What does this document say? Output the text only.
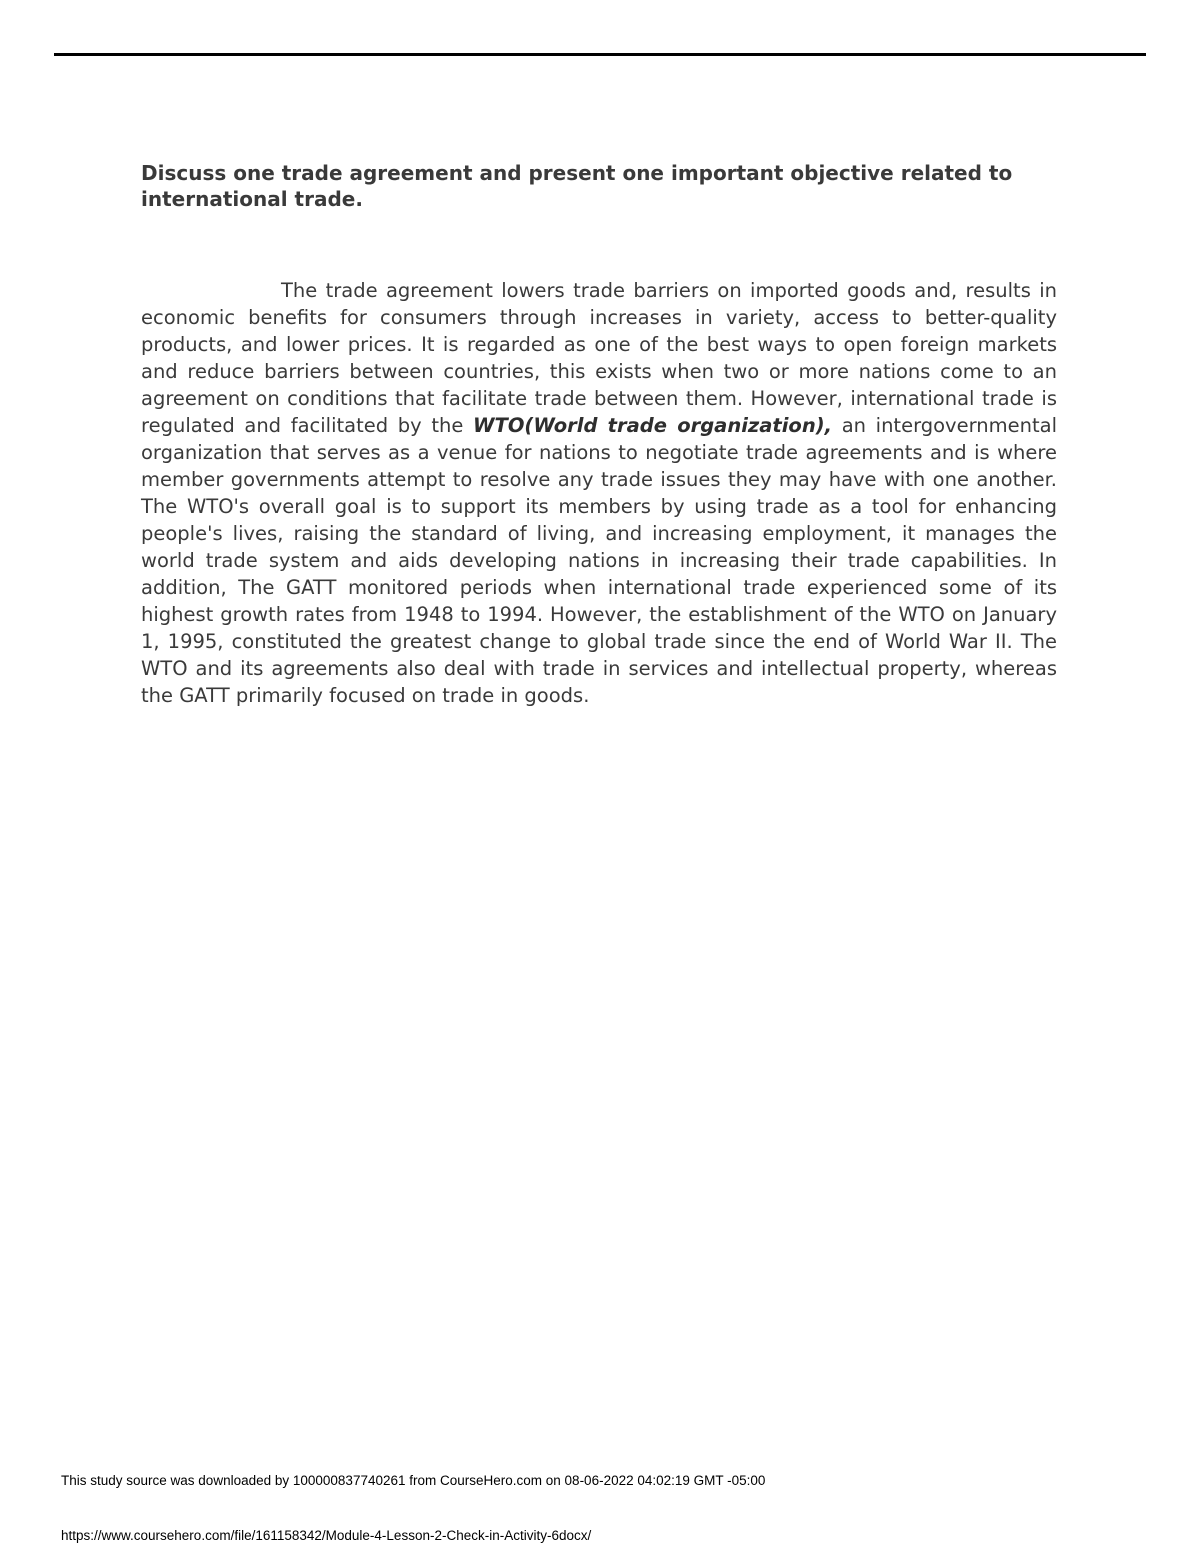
Discuss one trade agreement and present one important objective related to international trade.

The trade agreement lowers trade barriers on imported goods and, results in economic benefits for consumers through increases in variety, access to better-quality products, and lower prices. It is regarded as one of the best ways to open foreign markets and reduce barriers between countries, this exists when two or more nations come to an agreement on conditions that facilitate trade between them. However, international trade is regulated and facilitated by the WTO(World trade organization), an intergovernmental organization that serves as a venue for nations to negotiate trade agreements and is where member governments attempt to resolve any trade issues they may have with one another. The WTO's overall goal is to support its members by using trade as a tool for enhancing people's lives, raising the standard of living, and increasing employment, it manages the world trade system and aids developing nations in increasing their trade capabilities. In addition, The GATT monitored periods when international trade experienced some of its highest growth rates from 1948 to 1994. However, the establishment of the WTO on January 1, 1995, constituted the greatest change to global trade since the end of World War II. The WTO and its agreements also deal with trade in services and intellectual property, whereas the GATT primarily focused on trade in goods.

This study source was downloaded by 100000837740261 from CourseHero.com on 08-06-2022 04:02:19 GMT -05:00
https://www.coursehero.com/file/161158342/Module-4-Lesson-2-Check-in-Activity-6docx/
